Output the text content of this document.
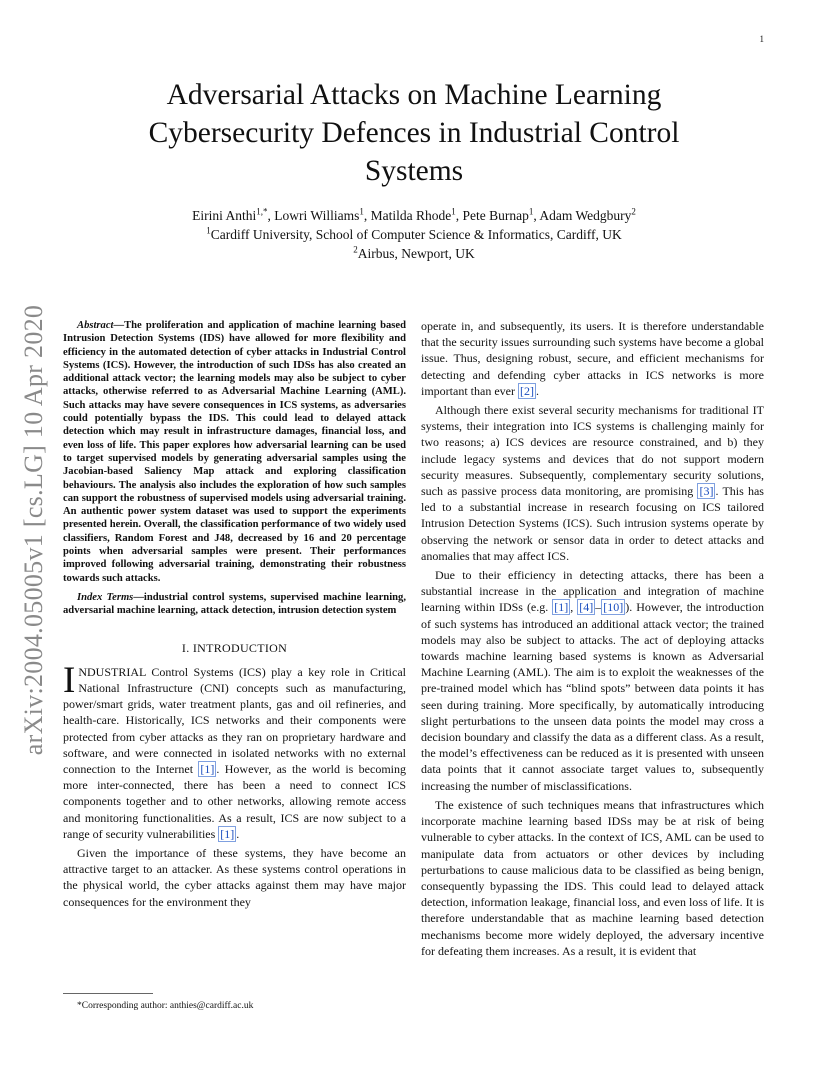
1
arXiv:2004.05005v1 [cs.LG] 10 Apr 2020
Adversarial Attacks on Machine Learning Cybersecurity Defences in Industrial Control Systems
Eirini Anthi$^{1,*}$, Lowri Williams$^1$, Matilda Rhode$^1$, Pete Burnap$^1$, Adam Wedgbury$^2$
$^1$Cardiff University, School of Computer Science & Informatics, Cardiff, UK
$^2$Airbus, Newport, UK

Abstract—The proliferation and application of machine learning based Intrusion Detection Systems (IDS) have allowed for more flexibility and efficiency in the automated detection of cyber attacks in Industrial Control Systems (ICS). However, the introduction of such IDSs has also created an additional attack vector; the learning models may also be subject to cyber attacks, otherwise referred to as Adversarial Machine Learning (AML). Such attacks may have severe consequences in ICS systems, as adversaries could potentially bypass the IDS. This could lead to delayed attack detection which may result in infrastructure damages, financial loss, and even loss of life. This paper explores how adversarial learning can be used to target supervised models by generating adversarial samples using the Jacobian-based Saliency Map attack and exploring classification behaviours. The analysis also includes the exploration of how such samples can support the robustness of supervised models using adversarial training. An authentic power system dataset was used to support the experiments presented herein. Overall, the classification performance of two widely used classifiers, Random Forest and J48, decreased by 16 and 20 percentage points when adversarial samples were present. Their performances improved following adversarial training, demonstrating their robustness towards such attacks.

Index Terms—industrial control systems, supervised machine learning, adversarial machine learning, attack detection, intrusion detection system

I. INTRODUCTION

INDUSTRIAL Control Systems (ICS) play a key role in Critical National Infrastructure (CNI) concepts such as manufacturing, power/smart grids, water treatment plants, gas and oil refineries, and health-care. Historically, ICS networks and their components were protected from cyber attacks as they ran on proprietary hardware and software, and were connected in isolated networks with no external connection to the Internet [1] . However, as the world is becoming more inter-connected, there has been a need to connect ICS components together and to other networks, allowing remote access and monitoring functionalities. As a result, ICS are now subject to a range of security vulnerabilities [1] .

Given the importance of these systems, they have become an attractive target to an attacker. As these systems control operations in the physical world, the cyber attacks against them may have major consequences for the environment they

operate in, and subsequently, its users. It is therefore understandable that the security issues surrounding such systems have become a global issue. Thus, designing robust, secure, and efficient mechanisms for detecting and defending cyber attacks in ICS networks is more important than ever [2] .

Although there exist several security mechanisms for traditional IT systems, their integration into ICS systems is challenging mainly for two reasons; a) ICS devices are resource constrained, and b) they include legacy systems and devices that do not support modern security measures. Subsequently, complementary security solutions, such as passive process data monitoring, are promising [3] . This has led to a substantial increase in research focusing on ICS tailored Intrusion Detection Systems (ICS). Such intrusion systems operate by observing the network or sensor data in order to detect attacks and anomalies that may affect ICS.

Due to their efficiency in detecting attacks, there has been a substantial increase in the application and integration of machine learning within IDSs (e.g. [1] , [4] – [10] ). However, the introduction of such systems has introduced an additional attack vector; the trained models may also be subject to attacks. The act of deploying attacks towards machine learning based systems is known as Adversarial Machine Learning (AML). The aim is to exploit the weaknesses of the pre-trained model which has “blind spots” between data points it has seen during training. More specifically, by automatically introducing slight perturbations to the unseen data points the model may cross a decision boundary and classify the data as a different class. As a result, the model’s effectiveness can be reduced as it is presented with unseen data points that it cannot associate target values to, subsequently increasing the number of misclassifications.

The existence of such techniques means that infrastructures which incorporate machine learning based IDSs may be at risk of being vulnerable to cyber attacks. In the context of ICS, AML can be used to manipulate data from actuators or other devices by including perturbations to cause malicious data to be classified as being benign, consequently bypassing the IDS. This could lead to delayed attack detection, information leakage, financial loss, and even loss of life. It is therefore understandable that as machine learning based detection mechanisms become more widely deployed, the adversary incentive for defeating them increases. As a result, it is evident that

*Corresponding author: anthies@cardiff.ac.uk
